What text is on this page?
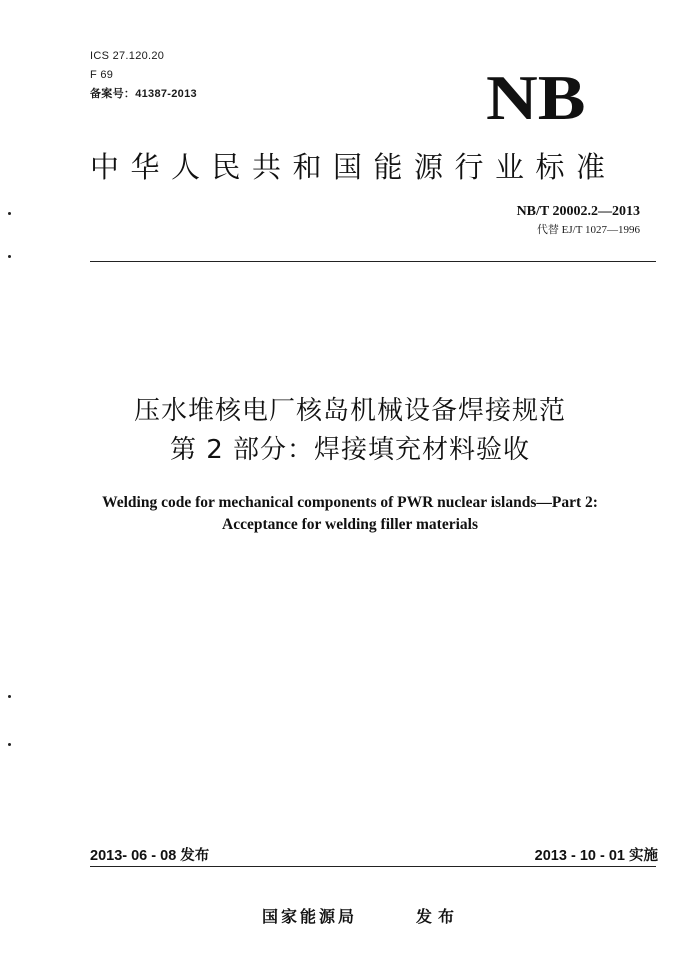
ICS 27.120.20
F 69
备案号：41387-2013	NB
中华人民共和国能源行业标准
NB/T 20002.2—2013
代替 EJ/T 1027—1996
压水堆核电厂核岛机械设备焊接规范
第 2 部分：焊接填充材料验收
Welding code for mechanical components of PWR nuclear islands—Part 2:
Acceptance for welding filler materials
2013- 06 - 08 发布	2013 - 10 - 01 实施
国家能源局	发布
